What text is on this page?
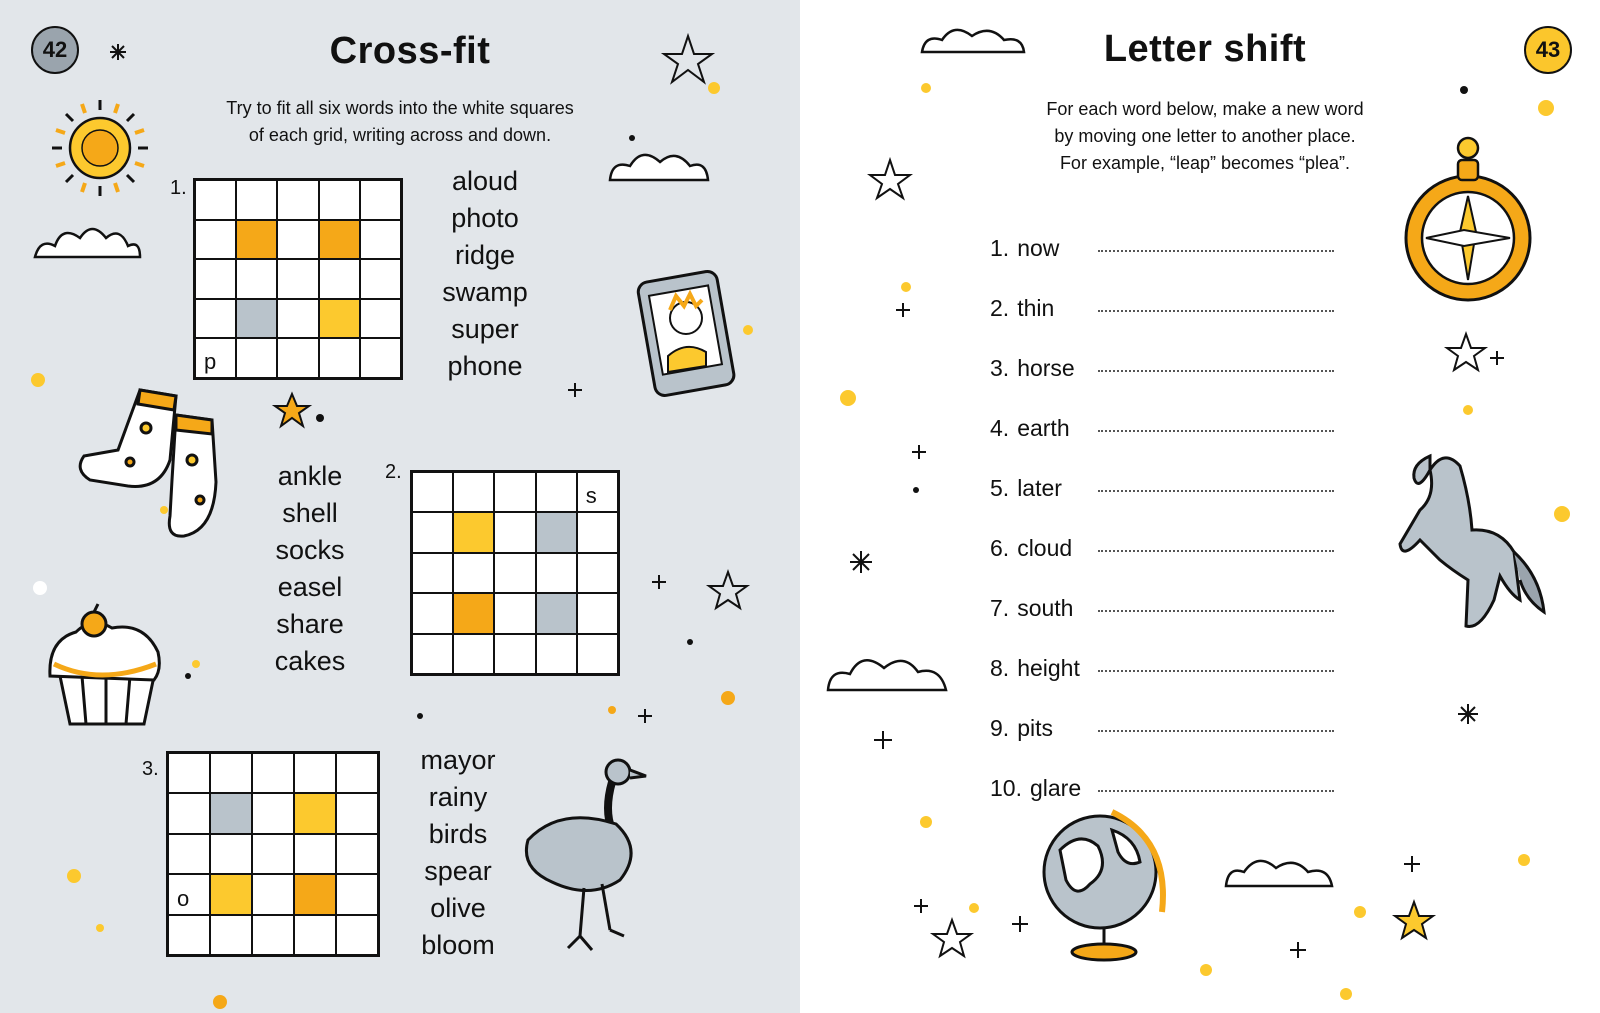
42	Cross-fit
Try to fit all six words into the white squares
of each grid, writing across and down.
1.
p
aloud
photo
ridge
swamp
super
phone
2.
s
ankle
shell
socks
easel
share
cakes
3.
o
mayor
rainy
birds
spear
olive
bloom
43
Letter shift
For each word below, make a new word
by moving one letter to another place.
For example, “leap” becomes “plea”.
1. now
2. thin
3. horse
4. earth
5. later
6. cloud
7. south
8. height
9. pits
10. glare
